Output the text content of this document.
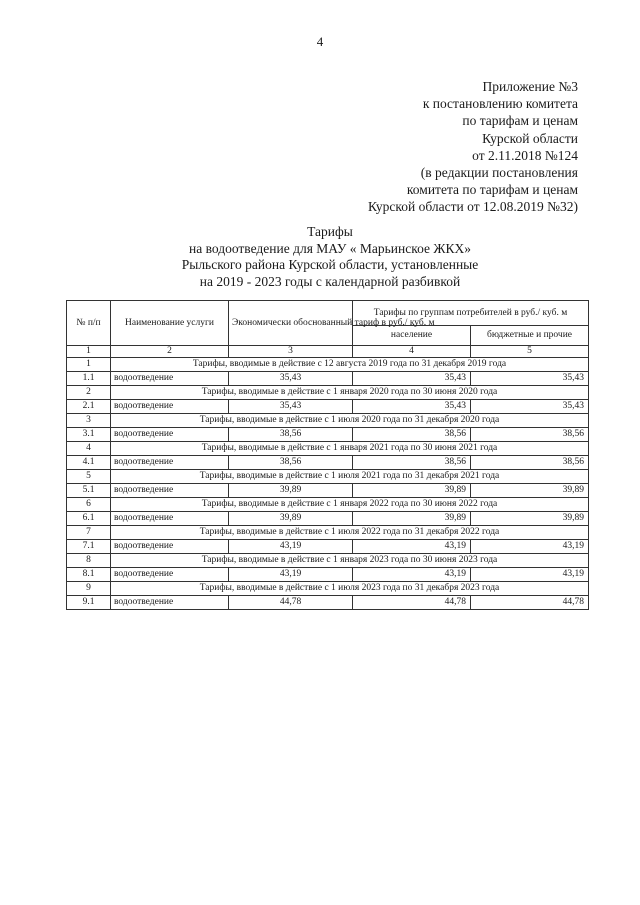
4
Приложение №3
к постановлению комитета
по тарифам и ценам
Курской области
от 2.11.2018 №124
(в редакции постановления
комитета по тарифам и ценам
Курской области от 12.08.2019 №32)
Тарифы
на водоотведение для МАУ « Марьинское ЖКХ»
Рыльского района Курской области, установленные
на 2019 - 2023 годы с календарной разбивкой
№ п/п	Наименование услуги	Экономически обоснованный тариф в руб./ куб. м	Тарифы по группам потребителей в руб./ куб. м	
			население	бюджетные и прочие
1	2	3	4	5
1	Тарифы, вводимые в действие с 12 августа 2019 года по 31 декабря 2019 года			
1.1	водоотведение	35,43	35,43	35,43
2	Тарифы, вводимые в действие с 1 января 2020 года по 30 июня 2020 года			
2.1	водоотведение	35,43	35,43	35,43
3	Тарифы, вводимые в действие с 1 июля 2020 года по 31 декабря 2020 года			
3.1	водоотведение	38,56	38,56	38,56
4	Тарифы, вводимые в действие с 1 января 2021 года по 30 июня 2021 года			
4.1	водоотведение	38,56	38,56	38,56
5	Тарифы, вводимые в действие с 1 июля 2021 года по 31 декабря 2021 года			
5.1	водоотведение	39,89	39,89	39,89
6	Тарифы, вводимые в действие с 1 января 2022 года по 30 июня 2022 года			
6.1	водоотведение	39,89	39,89	39,89
7	Тарифы, вводимые в действие с 1 июля 2022 года по 31 декабря 2022 года			
7.1	водоотведение	43,19	43,19	43,19
8	Тарифы, вводимые в действие с 1 января 2023 года по 30 июня 2023 года			
8.1	водоотведение	43,19	43,19	43,19
9	Тарифы, вводимые в действие с 1 июля 2023 года по 31 декабря 2023 года			
9.1	водоотведение	44,78	44,78	44,78
